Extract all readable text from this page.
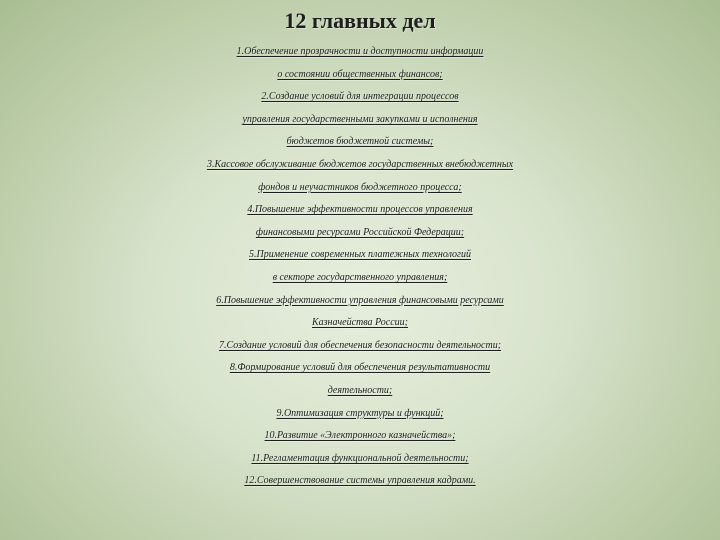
12 главных дел
1.Обеспечение прозрачности и доступности информации
о состоянии общественных финансов;
2.Создание условий для интеграции процессов
управления государственными закупками и исполнения
бюджетов бюджетной системы;
3.Кассовое обслуживание бюджетов государственных внебюджетных
фондов и неучастников бюджетного процесса;
4.Повышение эффективности процессов управления
финансовыми ресурсами Российской Федерации;
5.Применение современных платежных технологий
в секторе государственного управления;
6.Повышение эффективности управления финансовыми ресурсами
Казначейства России;
7.Создание условий для обеспечения безопасности деятельности;
8.Формирование условий для обеспечения результативности
деятельности;
9.Оптимизация структуры и функций;
10.Развитие «Электронного казначейства»;
11.Регламентация функциональной деятельности;
12.Совершенствование системы управления кадрами.
